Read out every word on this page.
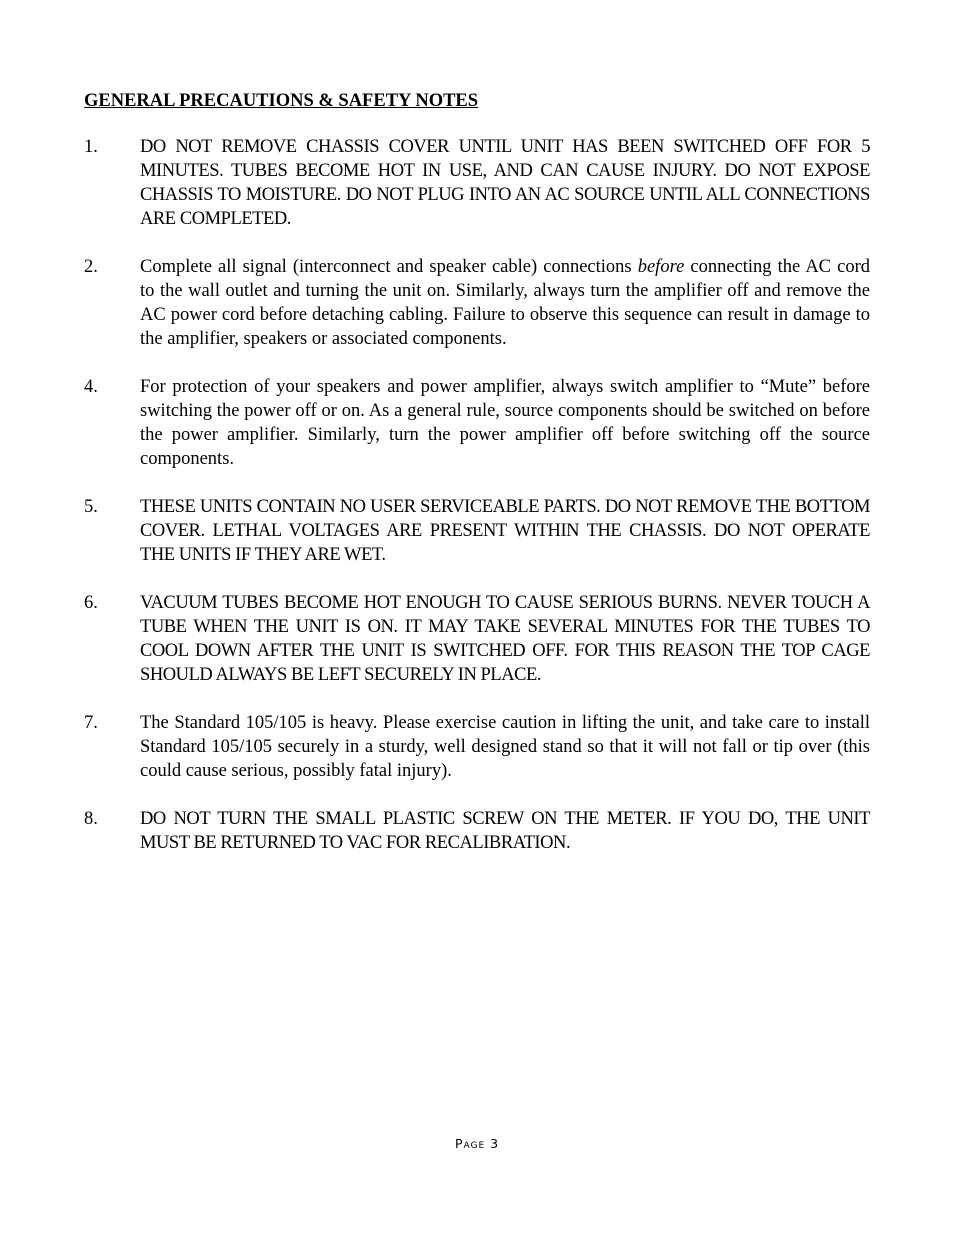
GENERAL PRECAUTIONS & SAFETY NOTES
1.	DO NOT REMOVE CHASSIS COVER UNTIL UNIT HAS BEEN SWITCHED OFF FOR 5 MINUTES. TUBES BECOME HOT IN USE, AND CAN CAUSE INJURY. DO NOT EXPOSE CHASSIS TO MOISTURE. DO NOT PLUG INTO AN AC SOURCE UNTIL ALL CONNECTIONS ARE COMPLETED.
2.	Complete all signal (interconnect and speaker cable) connections before connecting the AC cord to the wall outlet and turning the unit on. Similarly, always turn the amplifier off and remove the AC power cord before detaching cabling. Failure to observe this sequence can result in damage to the amplifier, speakers or associated components.
4.	For protection of your speakers and power amplifier, always switch amplifier to “Mute” before switching the power off or on. As a general rule, source components should be switched on before the power amplifier. Similarly, turn the power amplifier off before switching off the source components.
5.	THESE UNITS CONTAIN NO USER SERVICEABLE PARTS. DO NOT REMOVE THE BOTTOM COVER. LETHAL VOLTAGES ARE PRESENT WITHIN THE CHASSIS. DO NOT OPERATE THE UNITS IF THEY ARE WET.
6.	VACUUM TUBES BECOME HOT ENOUGH TO CAUSE SERIOUS BURNS. NEVER TOUCH A TUBE WHEN THE UNIT IS ON. IT MAY TAKE SEVERAL MINUTES FOR THE TUBES TO COOL DOWN AFTER THE UNIT IS SWITCHED OFF. FOR THIS REASON THE TOP CAGE SHOULD ALWAYS BE LEFT SECURELY IN PLACE.
7.	The Standard 105/105 is heavy. Please exercise caution in lifting the unit, and take care to install Standard 105/105 securely in a sturdy, well designed stand so that it will not fall or tip over (this could cause serious, possibly fatal injury).
8.	DO NOT TURN THE SMALL PLASTIC SCREW ON THE METER. IF YOU DO, THE UNIT MUST BE RETURNED TO VAC FOR RECALIBRATION.
Page 3
